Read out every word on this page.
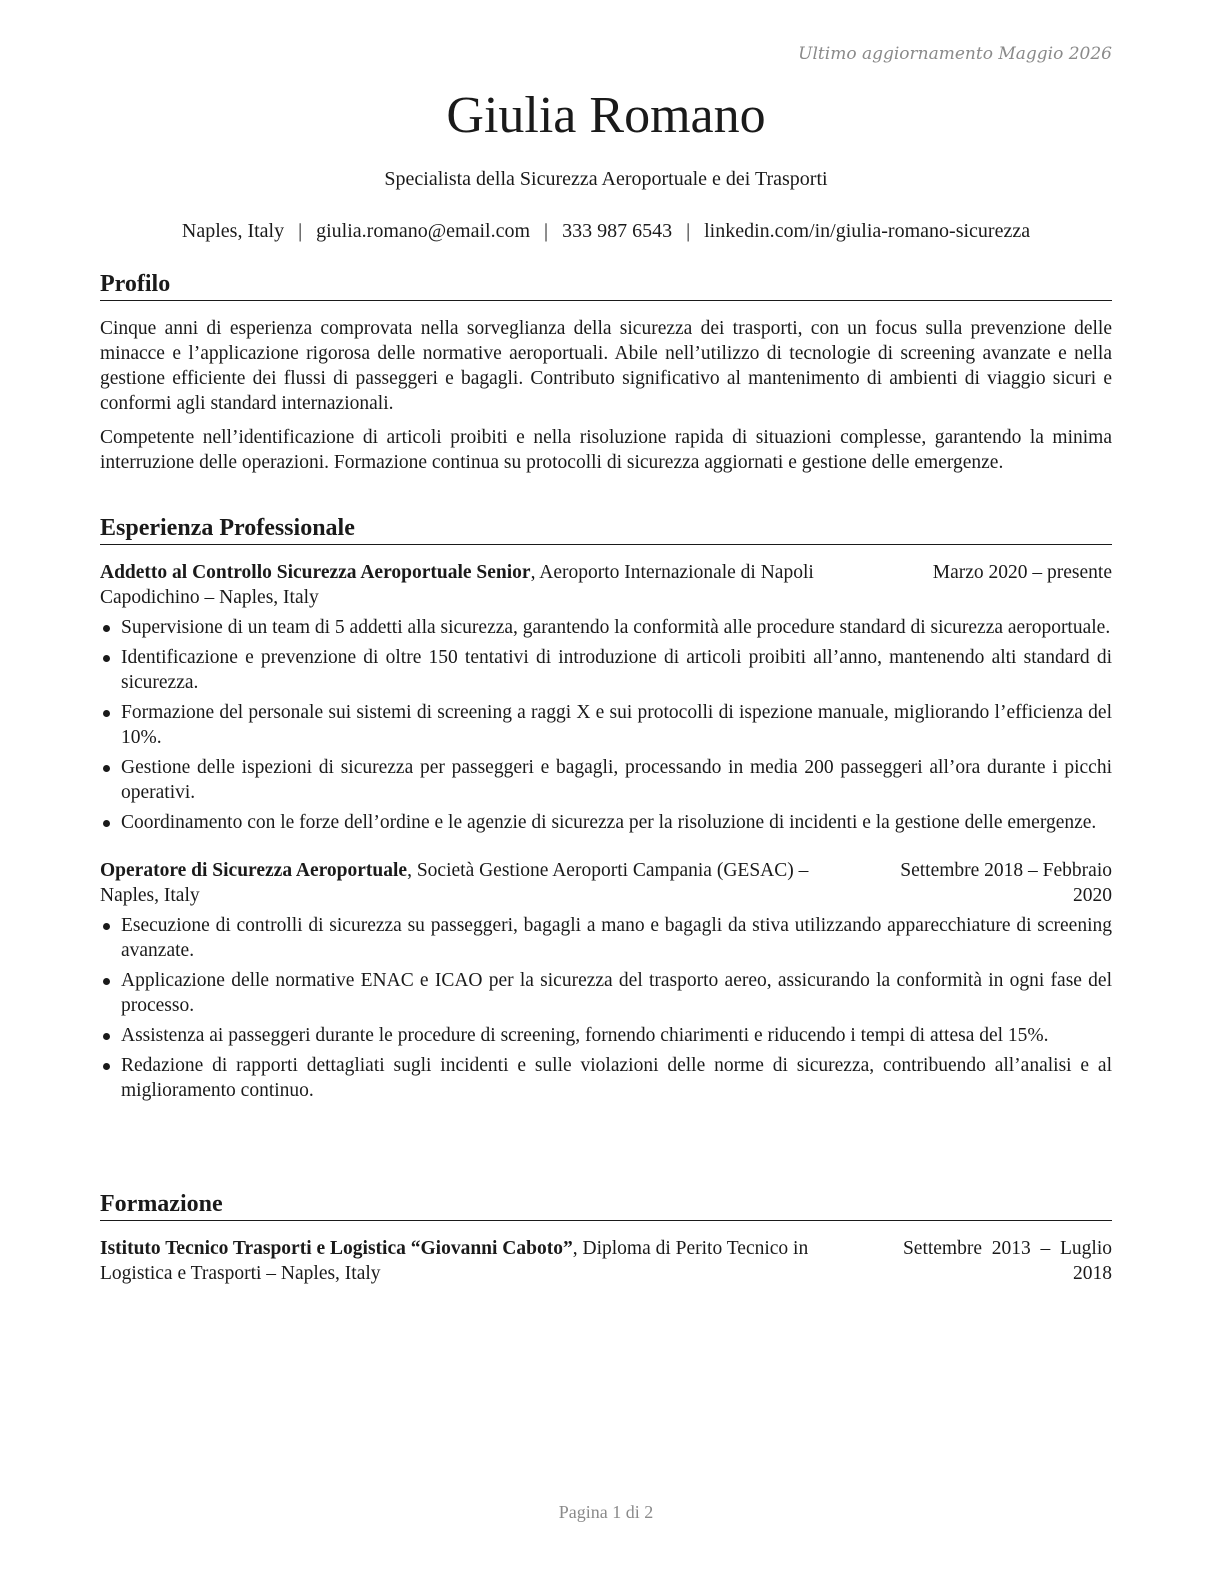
Ultimo aggiornamento Maggio 2026
Giulia Romano
Specialista della Sicurezza Aeroportuale e dei Trasporti
Naples, Italy | giulia.romano@email.com | 333 987 6543 | linkedin.com/in/giulia-romano-sicurezza
Profilo

Cinque anni di esperienza comprovata nella sorveglianza della sicurezza dei trasporti, con un focus sulla prevenzione delle minacce e l’applicazione rigorosa delle normative aeroportuali. Abile nell’utilizzo di tecnologie di screening avanzate e nella gestione efficiente dei flussi di passeggeri e bagagli. Contributo significativo al mantenimento di ambienti di viaggio sicuri e conformi agli standard internazionali.

Competente nell’identificazione di articoli proibiti e nella risoluzione rapida di situazioni complesse, garantendo la minima interruzione delle operazioni. Formazione continua su protocolli di sicurezza aggiornati e gestione delle emergenze.

Esperienza Professionale
Addetto al Controllo Sicurezza Aeroportuale Senior, Aeroporto Internazionale di Napoli
Capodichino – Naples, Italy
Marzo 2020 – presente
Supervisione di un team di 5 addetti alla sicurezza, garantendo la conformità alle procedure standard di sicurezza aeroportuale.
Identificazione e prevenzione di oltre 150 tentativi di introduzione di articoli proibiti all’anno, mantenendo alti standard di sicurezza.
Formazione del personale sui sistemi di screening a raggi X e sui protocolli di ispezione manuale, migliorando l’efficienza del 10%.
Gestione delle ispezioni di sicurezza per passeggeri e bagagli, processando in media 200 passeggeri all’ora durante i picchi operativi.
Coordinamento con le forze dell’ordine e le agenzie di sicurezza per la risoluzione di incidenti e la gestione delle emergenze.
Operatore di Sicurezza Aeroportuale, Società Gestione Aeroporti Campania (GESAC) –
Naples, Italy
Settembre 2018 – Febbraio
2020
Esecuzione di controlli di sicurezza su passeggeri, bagagli a mano e bagagli da stiva utilizzando apparecchiature di screening avanzate.
Applicazione delle normative ENAC e ICAO per la sicurezza del trasporto aereo, assicurando la conformità in ogni fase del processo.
Assistenza ai passeggeri durante le procedure di screening, fornendo chiarimenti e riducendo i tempi di attesa del 15%.
Redazione di rapporti dettagliati sugli incidenti e sulle violazioni delle norme di sicurezza, contribuendo all’analisi e al miglioramento continuo.
Formazione
Istituto Tecnico Trasporti e Logistica “Giovanni Caboto”, Diploma di Perito Tecnico in
Logistica e Trasporti – Naples, Italy
Settembre  2013  –  Luglio
2018
Pagina 1 di 2
